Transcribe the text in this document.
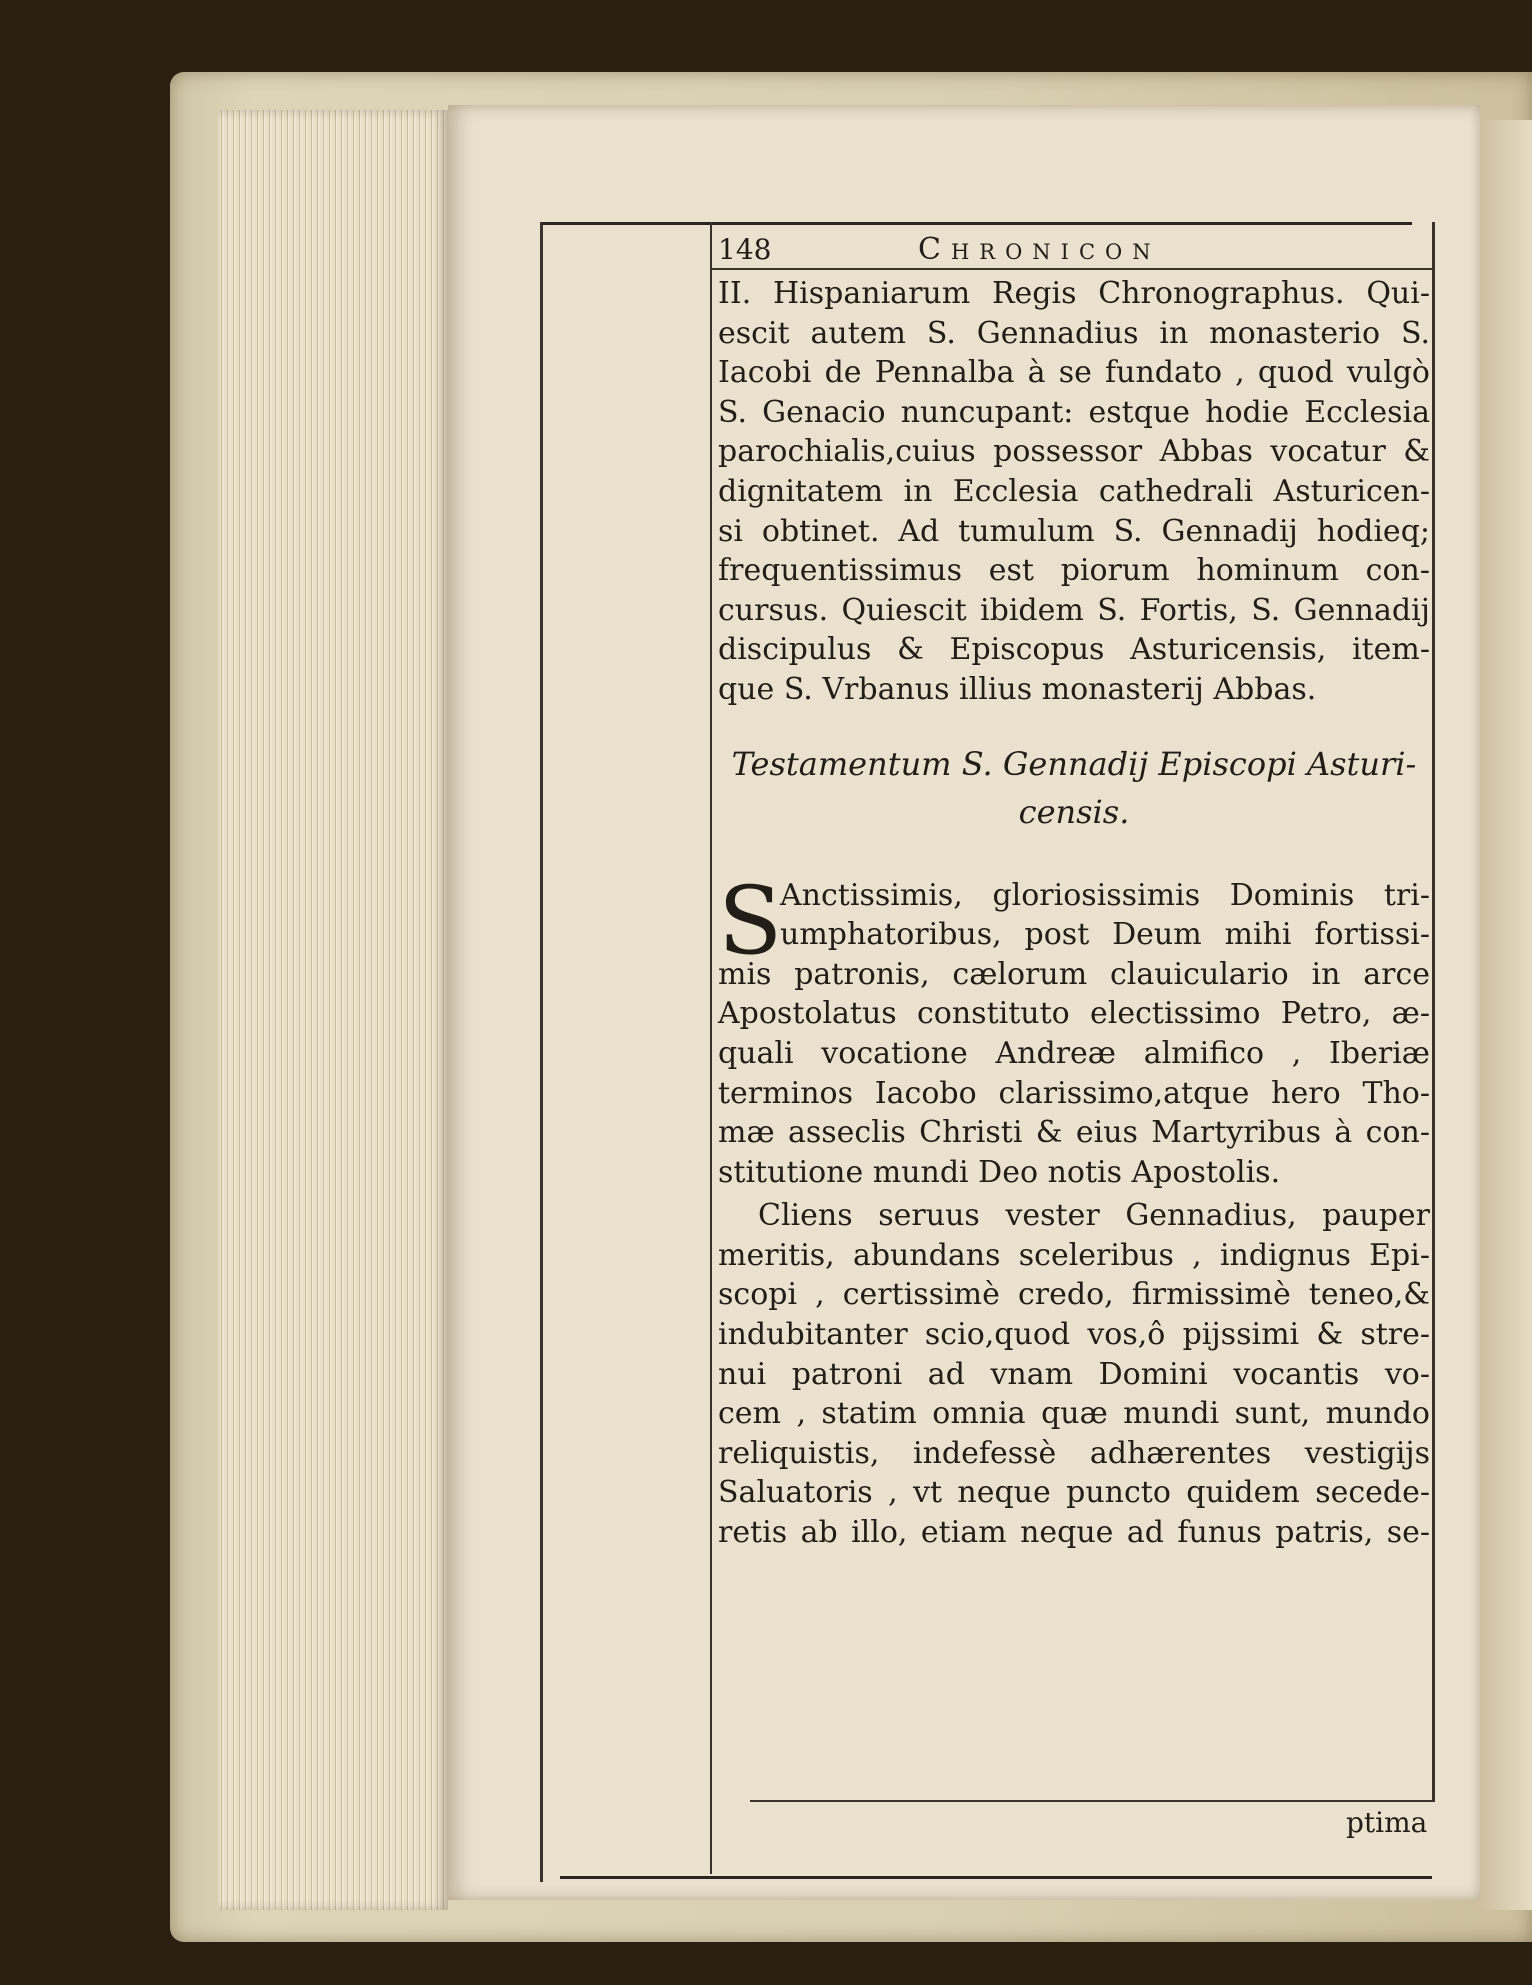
148	Chronicon

II. Hispaniarum Regis Chronographus. Qui-
escit autem S. Gennadius in monasterio S.
Iacobi de Pennalba à se fundato , quod vulgò
S. Genacio nuncupant: estque hodie Ecclesia
parochialis,cuius possessor Abbas vocatur &
dignitatem in Ecclesia cathedrali Asturicen-
si obtinet. Ad tumulum S. Gennadij hodieq;
frequentissimus est piorum hominum con-
cursus. Quiescit ibidem S. Fortis, S. Gennadij
discipulus & Episcopus Asturicensis, item-
que S. Vrbanus illius monasterij Abbas.

Testamentum S. Gennadij Episcopi Asturi-
censis.
S

Anctissimis, gloriosissimis Dominis tri-
umphatoribus, post Deum mihi fortissi-
mis patronis, cælorum clauiculario in arce
Apostolatus constituto electissimo Petro, æ-
quali vocatione Andreæ almifico , Iberiæ
terminos Iacobo clarissimo,atque hero Tho-
mæ asseclis Christi & eius Martyribus à con-
stitutione mundi Deo notis Apostolis.

Cliens seruus vester Gennadius, pauper
meritis, abundans sceleribus , indignus Epi-
scopi , certissimè credo, firmissimè teneo,&
indubitanter scio,quod vos,ô pijssimi & stre-
nui patroni ad vnam Domini vocantis vo-
cem , statim omnia quæ mundi sunt, mundo
reliquistis, indefessè adhærentes vestigijs
Saluatoris , vt neque puncto quidem secede-
retis ab illo, etiam neque ad funus patris, se-

ptima
